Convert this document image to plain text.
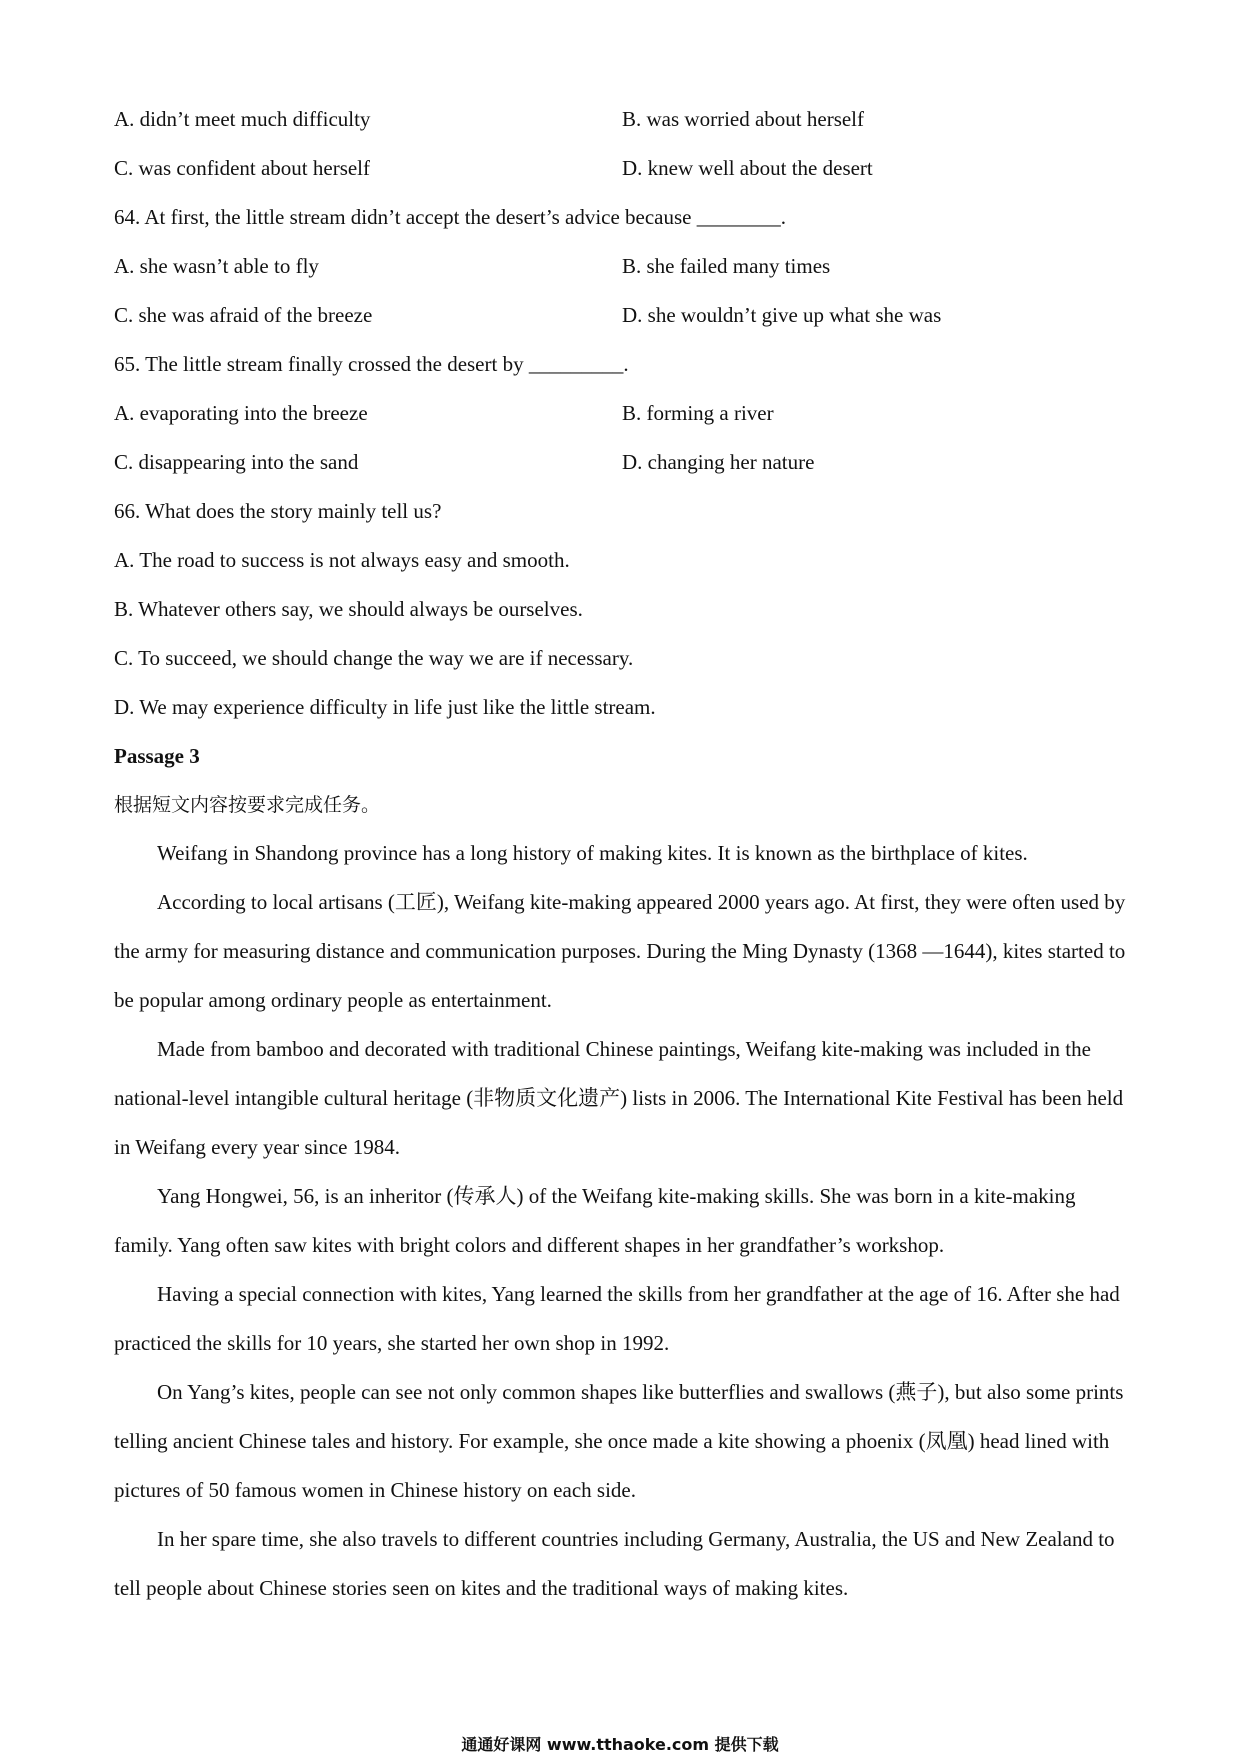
A. didn’t meet much difficulty	B. was worried about herself
C. was confident about herself	D. knew well about the desert
64. At first, the little stream didn’t accept the desert’s advice because ________.
A. she wasn’t able to fly	B. she failed many times
C. she was afraid of the breeze	D. she wouldn’t give up what she was
65. The little stream finally crossed the desert by _________.
A. evaporating into the breeze	B. forming a river
C. disappearing into the sand	D. changing her nature
66. What does the story mainly tell us?
A. The road to success is not always easy and smooth.
B. Whatever others say, we should always be ourselves.
C. To succeed, we should change the way we are if necessary.
D. We may experience difficulty in life just like the little stream.
Passage 3
根据短文内容按要求完成任务。

Weifang in Shandong province has a long history of making kites. It is known as the birthplace of kites.

According to local artisans (工匠), Weifang kite-making appeared 2000 years ago. At first, they were often used by the army for measuring distance and communication purposes. During the Ming Dynasty (1368 —1644), kites started to be popular among ordinary people as entertainment.

Made from bamboo and decorated with traditional Chinese paintings, Weifang kite-making was included in the national-level intangible cultural heritage (非物质文化遗产) lists in 2006. The International Kite Festival has been held in Weifang every year since 1984.

Yang Hongwei, 56, is an inheritor (传承人) of the Weifang kite-making skills. She was born in a kite-making family. Yang often saw kites with bright colors and different shapes in her grandfather’s workshop.

Having a special connection with kites, Yang learned the skills from her grandfather at the age of 16. After she had practiced the skills for 10 years, she started her own shop in 1992.

On Yang’s kites, people can see not only common shapes like butterflies and swallows (燕子), but also some prints telling ancient Chinese tales and history. For example, she once made a kite showing a phoenix (凤凰) head lined with pictures of 50 famous women in Chinese history on each side.

In her spare time, she also travels to different countries including Germany, Australia, the US and New Zealand to tell people about Chinese stories seen on kites and the traditional ways of making kites.

通通好课网 www.tthaoke.com 提供下载
